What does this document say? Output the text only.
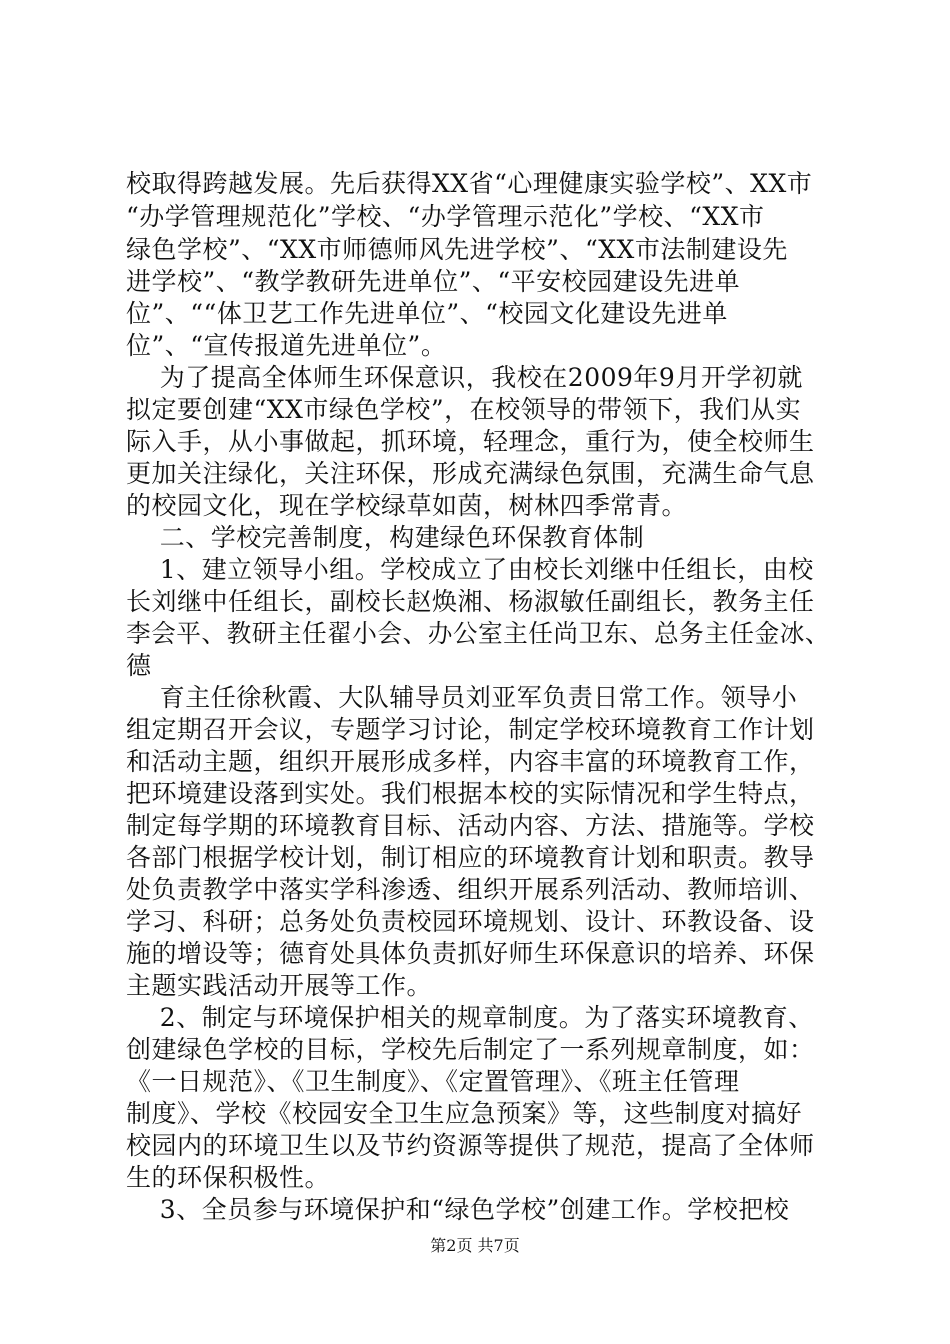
校取得跨越发展。先后获得XX省“心理健康实验学校”、XX市
“办学管理规范化”学校、“办学管理示范化”学校、“XX市
绿色学校”、“XX市师德师风先进学校”、“XX市法制建设先
进学校”、“教学教研先进单位”、“平安校园建设先进单
位”、““体卫艺工作先进单位”、“校园文化建设先进单
位”、“宣传报道先进单位”。
为了提高全体师生环保意识，我校在2009年9月开学初就
拟定要创建“XX市绿色学校”，在校领导的带领下，我们从实
际入手，从小事做起，抓环境，轻理念，重行为，使全校师生
更加关注绿化，关注环保，形成充满绿色氛围，充满生命气息
的校园文化，现在学校绿草如茵，树林四季常青。
二、学校完善制度，构建绿色环保教育体制
1、建立领导小组。学校成立了由校长刘继中任组长，由校
长刘继中任组长，副校长赵焕湘、杨淑敏任副组长，教务主任
李会平、教研主任翟小会、办公室主任尚卫东、总务主任金冰、
德
育主任徐秋霞、大队辅导员刘亚军负责日常工作。领导小
组定期召开会议，专题学习讨论，制定学校环境教育工作计划
和活动主题，组织开展形成多样，内容丰富的环境教育工作，
把环境建设落到实处。我们根据本校的实际情况和学生特点，
制定每学期的环境教育目标、活动内容、方法、措施等。学校
各部门根据学校计划，制订相应的环境教育计划和职责。教导
处负责教学中落实学科渗透、组织开展系列活动、教师培训、
学习、科研；总务处负责校园环境规划、设计、环教设备、设
施的增设等；德育处具体负责抓好师生环保意识的培养、环保
主题实践活动开展等工作。
2、制定与环境保护相关的规章制度。为了落实环境教育、
创建绿色学校的目标，学校先后制定了一系列规章制度，如：
《一日规范》、《卫生制度》、《定置管理》、《班主任管理
制度》、学校《校园安全卫生应急预案》等，这些制度对搞好
校园内的环境卫生以及节约资源等提供了规范，提高了全体师
生的环保积极性。
3、全员参与环境保护和“绿色学校”创建工作。学校把校
第2页 共7页
